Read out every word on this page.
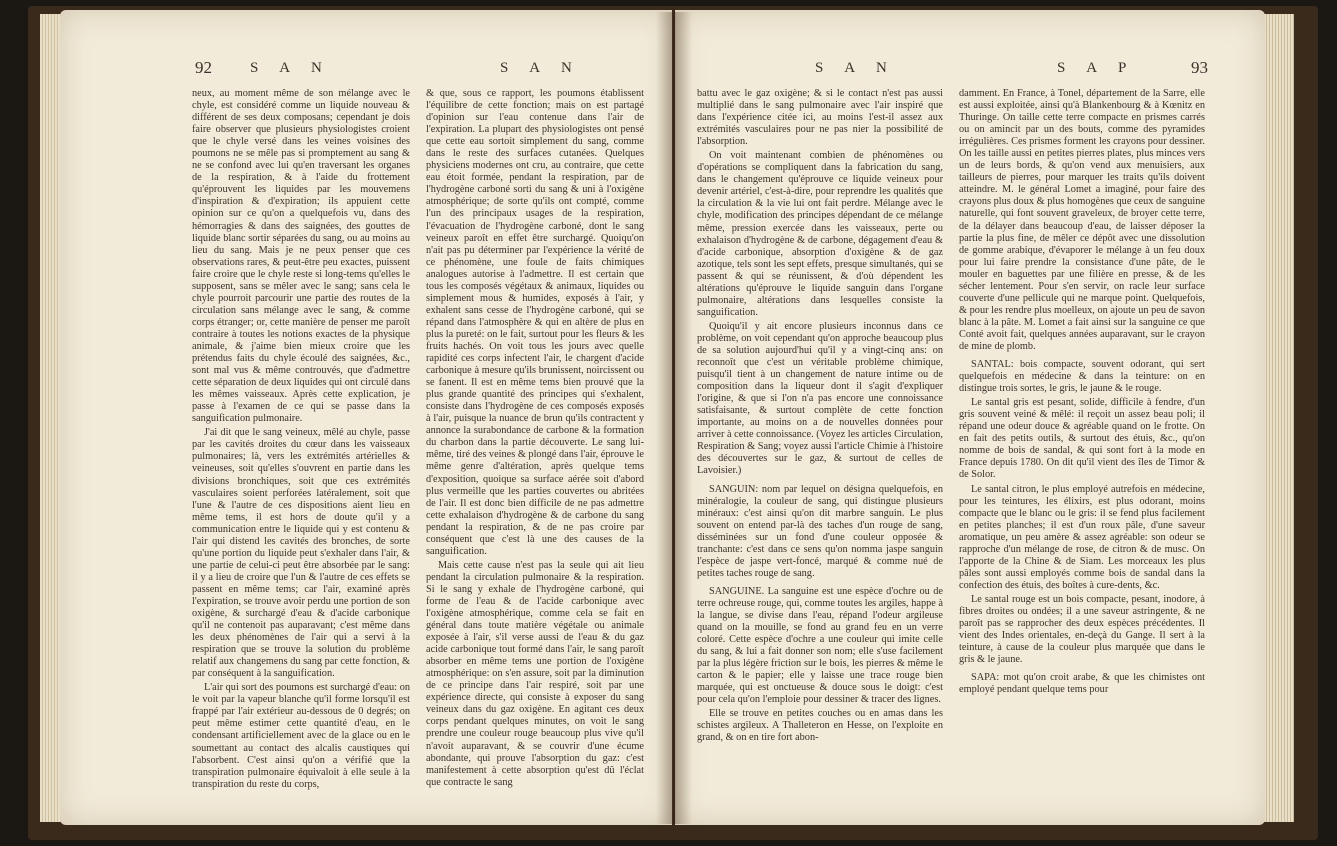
92	S A N	S A N

neux, au moment même de son mélange avec le chyle, est considéré comme un liquide nouveau & différent de ses deux composans; cependant je dois faire observer que plusieurs physiologistes croient que le chyle versé dans les veines voisines des poumons ne se mêle pas si promptement au sang & ne se confond avec lui qu'en traversant les organes de la respiration, & à l'aide du frottement qu'éprouvent les liquides par les mouvemens d'inspiration & d'expiration; ils appuient cette opinion sur ce qu'on a quelquefois vu, dans des hémorragies & dans des saignées, des gouttes de liquide blanc sortir séparées du sang, ou au moins au lieu du sang. Mais je ne peux penser que ces observations rares, & peut-être peu exactes, puissent faire croire que le chyle reste si long-tems qu'elles le supposent, sans se mêler avec le sang; sans cela le chyle pourroit parcourir une partie des routes de la circulation sans mélange avec le sang, & comme corps étranger; or, cette manière de penser me paroît contraire à toutes les notions exactes de la physique animale, & j'aime bien mieux croire que les prétendus faits du chyle écoulé des saignées, &c., sont mal vus & même controuvés, que d'admettre cette séparation de deux liquides qui ont circulé dans les mêmes vaisseaux. Après cette explication, je passe à l'examen de ce qui se passe dans la sanguification pulmonaire.

J'ai dit que le sang veineux, mêlé au chyle, passe par les cavités droites du cœur dans les vaisseaux pulmonaires; là, vers les extrémités artérielles & veineuses, soit qu'elles s'ouvrent en partie dans les divisions bronchiques, soit que ces extrémités vasculaires soient perforées latéralement, soit que l'une & l'autre de ces dispositions aient lieu en même tems, il est hors de doute qu'il y a communication entre le liquide qui y est contenu & l'air qui distend les cavités des bronches, de sorte qu'une portion du liquide peut s'exhaler dans l'air, & une partie de celui-ci peut être absorbée par le sang: il y a lieu de croire que l'un & l'autre de ces effets se passent en même tems; car l'air, examiné après l'expiration, se trouve avoir perdu une portion de son oxigène, & surchargé d'eau & d'acide carbonique qu'il ne contenoit pas auparavant; c'est même dans les deux phénomènes de l'air qui a servi à la respiration que se trouve la solution du problème relatif aux changemens du sang par cette fonction, & par conséquent à la sanguification.

L'air qui sort des poumons est surchargé d'eau: on le voit par la vapeur blanche qu'il forme lorsqu'il est frappé par l'air extérieur au-dessous de 0 degrés; on peut même estimer cette quantité d'eau, en le condensant artificiellement avec de la glace ou en le soumettant au contact des alcalis caustiques qui l'absorbent. C'est ainsi qu'on a vérifié que la transpiration pulmonaire équivaloit à elle seule à la transpiration du reste du corps,

& que, sous ce rapport, les poumons établissent l'équilibre de cette fonction; mais on est partagé d'opinion sur l'eau contenue dans l'air de l'expiration. La plupart des physiologistes ont pensé que cette eau sortoit simplement du sang, comme dans le reste des surfaces cutanées. Quelques physiciens modernes ont cru, au contraire, que cette eau étoit formée, pendant la respiration, par de l'hydrogène carboné sorti du sang & uni à l'oxigène atmosphérique; de sorte qu'ils ont compté, comme l'un des principaux usages de la respiration, l'évacuation de l'hydrogène carboné, dont le sang veineux paroît en effet être surchargé. Quoiqu'on n'ait pas pu déterminer par l'expérience la vérité de ce phénomène, une foule de faits chimiques analogues autorise à l'admettre. Il est certain que tous les composés végétaux & animaux, liquides ou simplement mous & humides, exposés à l'air, y exhalent sans cesse de l'hydrogène carboné, qui se répand dans l'atmosphère & qui en altère de plus en plus la pureté: on le fait, surtout pour les fleurs & les fruits hachés. On voit tous les jours avec quelle rapidité ces corps infectent l'air, le chargent d'acide carbonique à mesure qu'ils brunissent, noircissent ou se fanent. Il est en même tems bien prouvé que la plus grande quantité des principes qui s'exhalent, consiste dans l'hydrogène de ces composés exposés à l'air, puisque la nuance de brun qu'ils contractent y annonce la surabondance de carbone & la formation du charbon dans la partie découverte. Le sang lui-même, tiré des veines & plongé dans l'air, éprouve le même genre d'altération, après quelque tems d'exposition, quoique sa surface aérée soit d'abord plus vermeille que les parties couvertes ou abritées de l'air. Il est donc bien difficile de ne pas admettre cette exhalaison d'hydrogène & de carbone du sang pendant la respiration, & de ne pas croire par conséquent que c'est là une des causes de la sanguification.

Mais cette cause n'est pas la seule qui ait lieu pendant la circulation pulmonaire & la respiration. Si le sang y exhale de l'hydrogène carboné, qui forme de l'eau & de l'acide carbonique avec l'oxigène atmosphérique, comme cela se fait en général dans toute matière végétale ou animale exposée à l'air, s'il verse aussi de l'eau & du gaz acide carbonique tout formé dans l'air, le sang paroît absorber en même tems une portion de l'oxigène atmosphérique: on s'en assure, soit par la diminution de ce principe dans l'air respiré, soit par une expérience directe, qui consiste à exposer du sang veineux dans du gaz oxigène. En agitant ces deux corps pendant quelques minutes, on voit le sang prendre une couleur rouge beaucoup plus vive qu'il n'avoit auparavant, & se couvrir d'une écume abondante, qui prouve l'absorption du gaz: c'est manifestement à cette absorption qu'est dû l'éclat que contracte le sang

S A N	S A P	93

battu avec le gaz oxigène; & si le contact n'est pas aussi multiplié dans le sang pulmonaire avec l'air inspiré que dans l'expérience citée ici, au moins l'est-il assez aux extrémités vasculaires pour ne pas nier la possibilité de l'absorption.

On voit maintenant combien de phénomènes ou d'opérations se compliquent dans la fabrication du sang, dans le changement qu'éprouve ce liquide veineux pour devenir artériel, c'est-à-dire, pour reprendre les qualités que la circulation & la vie lui ont fait perdre. Mélange avec le chyle, modification des principes dépendant de ce mélange même, pression exercée dans les vaisseaux, perte ou exhalaison d'hydrogène & de carbone, dégagement d'eau & d'acide carbonique, absorption d'oxigène & de gaz azotique, tels sont les sept effets, presque simultanés, qui se passent & qui se réunissent, & d'où dépendent les altérations qu'éprouve le liquide sanguin dans l'organe pulmonaire, altérations dans lesquelles consiste la sanguification.

Quoiqu'il y ait encore plusieurs inconnus dans ce problème, on voit cependant qu'on approche beaucoup plus de sa solution aujourd'hui qu'il y a vingt-cinq ans: on reconnoît que c'est un véritable problème chimique, puisqu'il tient à un changement de nature intime ou de composition dans la liqueur dont il s'agit d'expliquer l'origine, & que si l'on n'a pas encore une connoissance satisfaisante, & surtout complète de cette fonction importante, au moins on a de nouvelles données pour arriver à cette connoissance. (Voyez les articles Circulation, Respiration & Sang; voyez aussi l'article Chimie à l'histoire des découvertes sur le gaz, & surtout de celles de Lavoisier.)

SANGUIN: nom par lequel on désigna quelquefois, en minéralogie, la couleur de sang, qui distingue plusieurs minéraux: c'est ainsi qu'on dit marbre sanguin. Le plus souvent on entend par-là des taches d'un rouge de sang, disséminées sur un fond d'une couleur opposée & tranchante: c'est dans ce sens qu'on nomma jaspe sanguin l'espèce de jaspe vert-foncé, marqué & comme nué de petites taches rouge de sang.

SANGUINE. La sanguine est une espèce d'ochre ou de terre ochreuse rouge, qui, comme toutes les argiles, happe à la langue, se divise dans l'eau, répand l'odeur argileuse quand on la mouille, se fond au grand feu en un verre coloré. Cette espèce d'ochre a une couleur qui imite celle du sang, & lui a fait donner son nom; elle s'use facilement par la plus légère friction sur le bois, les pierres & même le carton & le papier; elle y laisse une trace rouge bien marquée, qui est onctueuse & douce sous le doigt: c'est pour cela qu'on l'emploie pour dessiner & tracer des lignes.

Elle se trouve en petites couches ou en amas dans les schistes argileux. A Thalleteron en Hesse, on l'exploite en grand, & on en tire fort abon-

damment. En France, à Tonel, département de la Sarre, elle est aussi exploitée, ainsi qu'à Blankenbourg & à Kœnitz en Thuringe. On taille cette terre compacte en prismes carrés ou on amincit par un des bouts, comme des pyramides irrégulières. Ces prismes forment les crayons pour dessiner. On les taille aussi en petites pierres plates, plus minces vers un de leurs bords, & qu'on vend aux menuisiers, aux tailleurs de pierres, pour marquer les traits qu'ils doivent atteindre. M. le général Lomet a imaginé, pour faire des crayons plus doux & plus homogènes que ceux de sanguine naturelle, qui font souvent graveleux, de broyer cette terre, de la délayer dans beaucoup d'eau, de laisser déposer la partie la plus fine, de mêler ce dépôt avec une dissolution de gomme arabique, d'évaporer le mélange à un feu doux pour lui faire prendre la consistance d'une pâte, de le mouler en baguettes par une filière en presse, & de les sécher lentement. Pour s'en servir, on racle leur surface couverte d'une pellicule qui ne marque point. Quelquefois, & pour les rendre plus moelleux, on ajoute un peu de savon blanc à la pâte. M. Lomet a fait ainsi sur la sanguine ce que Conté avoit fait, quelques années auparavant, sur le crayon de mine de plomb.

SANTAL: bois compacte, souvent odorant, qui sert quelquefois en médecine & dans la teinture: on en distingue trois sortes, le gris, le jaune & le rouge.

Le santal gris est pesant, solide, difficile à fendre, d'un gris souvent veiné & mêlé: il reçoit un assez beau poli; il répand une odeur douce & agréable quand on le frotte. On en fait des petits outils, & surtout des étuis, &c., qu'on nomme de bois de sandal, & qui sont fort à la mode en France depuis 1780. On dit qu'il vient des îles de Timor & de Solor.

Le santal citron, le plus employé autrefois en médecine, pour les teintures, les élixirs, est plus odorant, moins compacte que le blanc ou le gris: il se fend plus facilement en petites planches; il est d'un roux pâle, d'une saveur aromatique, un peu amère & assez agréable: son odeur se rapproche d'un mélange de rose, de citron & de musc. On l'apporte de la Chine & de Siam. Les morceaux les plus pâles sont aussi employés comme bois de sandal dans la confection des étuis, des boîtes à cure-dents, &c.

Le santal rouge est un bois compacte, pesant, inodore, à fibres droites ou ondées; il a une saveur astringente, & ne paroît pas se rapprocher des deux espèces précédentes. Il vient des Indes orientales, en-deçà du Gange. Il sert à la teinture, à cause de la couleur plus marquée que dans le gris & le jaune.

SAPA: mot qu'on croit arabe, & que les chimistes ont employé pendant quelque tems pour
